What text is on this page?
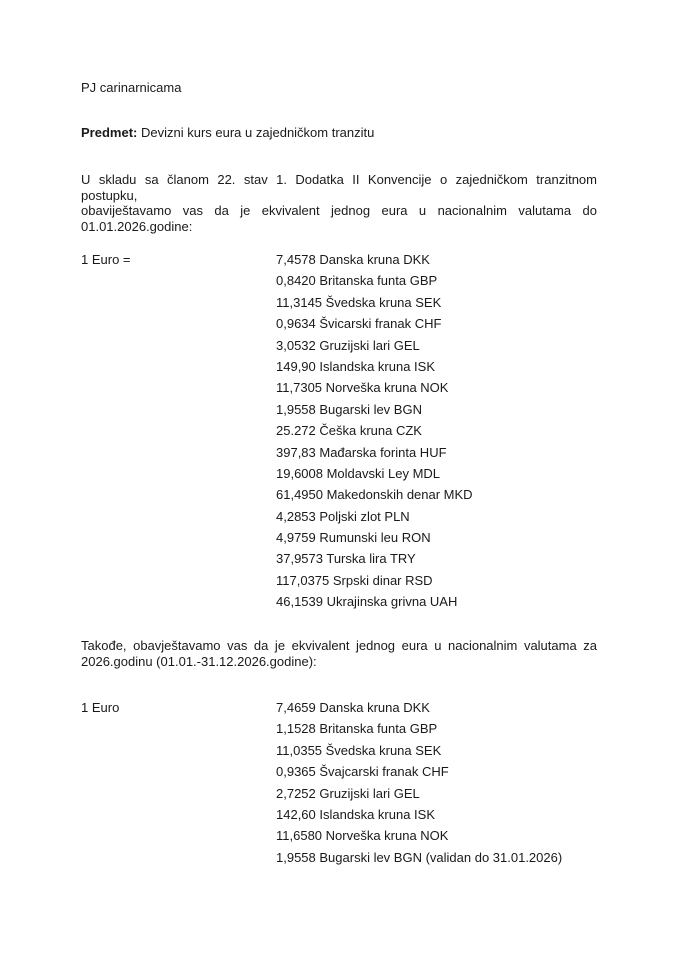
PJ carinarnicama
Predmet: Devizni kurs eura u zajedničkom tranzitu
U skladu sa članom 22. stav 1. Dodatka II Konvencije o zajedničkom tranzitnom postupku,
obaviještavamo vas da je ekvivalent jednog eura u nacionalnim valutama do
01.01.2026.godine:
1 Euro =	7,4578 Danska kruna DKK
0,8420 Britanska funta GBP
11,3145 Švedska kruna SEK
0,9634 Švicarski franak CHF
3,0532 Gruzijski lari GEL
149,90 Islandska kruna ISK
11,7305 Norveška kruna NOK
1,9558 Bugarski lev BGN
25.272 Češka kruna CZK
397,83 Mađarska forinta HUF
19,6008 Moldavski Ley MDL
61,4950 Makedonskih denar MKD
4,2853 Poljski zlot PLN
4,9759 Rumunski leu RON
37,9573 Turska lira TRY
117,0375 Srpski dinar RSD
46,1539 Ukrajinska grivna UAH
Takođe, obavještavamo vas da je ekvivalent jednog eura u nacionalnim valutama za
2026.godinu (01.01.-31.12.2026.godine):
1 Euro	7,4659 Danska kruna DKK
1,1528 Britanska funta GBP
11,0355 Švedska kruna SEK
0,9365 Švajcarski franak CHF
2,7252 Gruzijski lari GEL
142,60 Islandska kruna ISK
11,6580 Norveška kruna NOK
1,9558 Bugarski lev BGN (validan do 31.01.2026)
